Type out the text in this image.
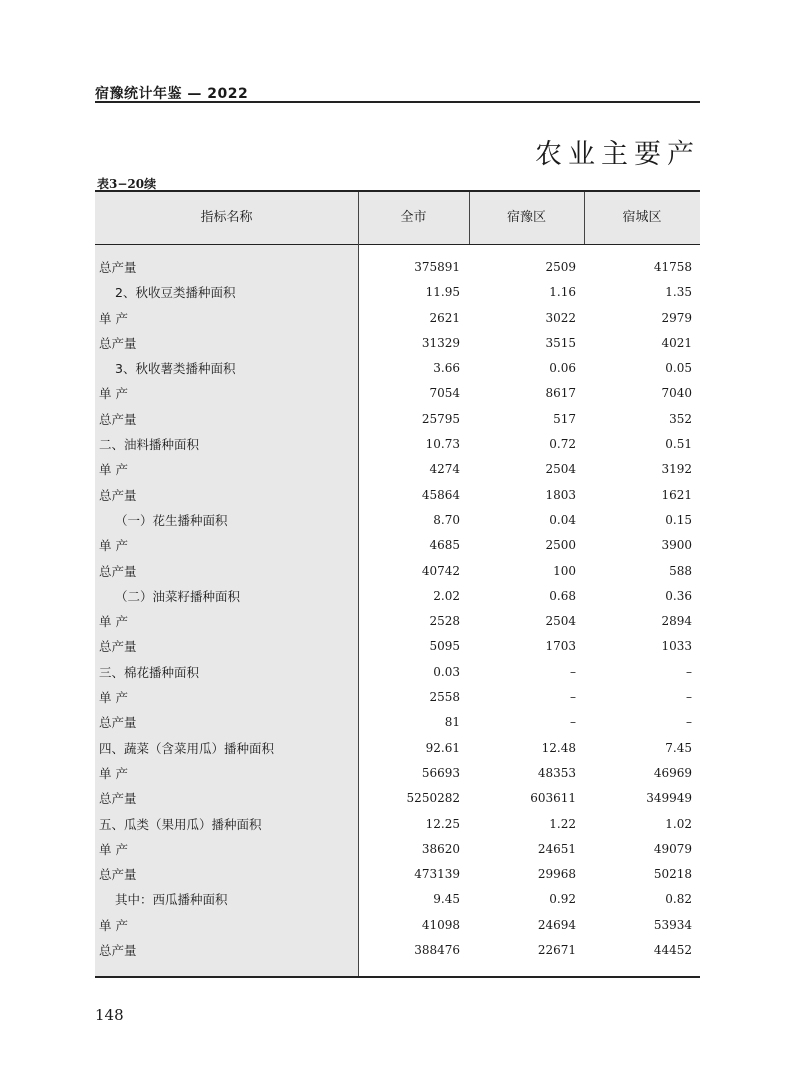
宿豫统计年鉴 — 2022
农业主要产
表3−20续
指标名称	全市	宿豫区	宿城区
总产量	375891	2509	41758
2、秋收豆类播种面积	11.95	1.16	1.35
单 产	2621	3022	2979
总产量	31329	3515	4021
3、秋收薯类播种面积	3.66	0.06	0.05
单 产	7054	8617	7040
总产量	25795	517	352
二、油料播种面积	10.73	0.72	0.51
单 产	4274	2504	3192
总产量	45864	1803	1621
（一）花生播种面积	8.70	0.04	0.15
单 产	4685	2500	3900
总产量	40742	100	588
（二）油菜籽播种面积	2.02	0.68	0.36
单 产	2528	2504	2894
总产量	5095	1703	1033
三、棉花播种面积	0.03	–	–
单 产	2558	–	–
总产量	81	–	–
四、蔬菜（含菜用瓜）播种面积	92.61	12.48	7.45
单 产	56693	48353	46969
总产量	5250282	603611	349949
五、瓜类（果用瓜）播种面积	12.25	1.22	1.02
单 产	38620	24651	49079
总产量	473139	29968	50218
其中：西瓜播种面积	9.45	0.92	0.82
单 产	41098	24694	53934
总产量	388476	22671	44452
148
